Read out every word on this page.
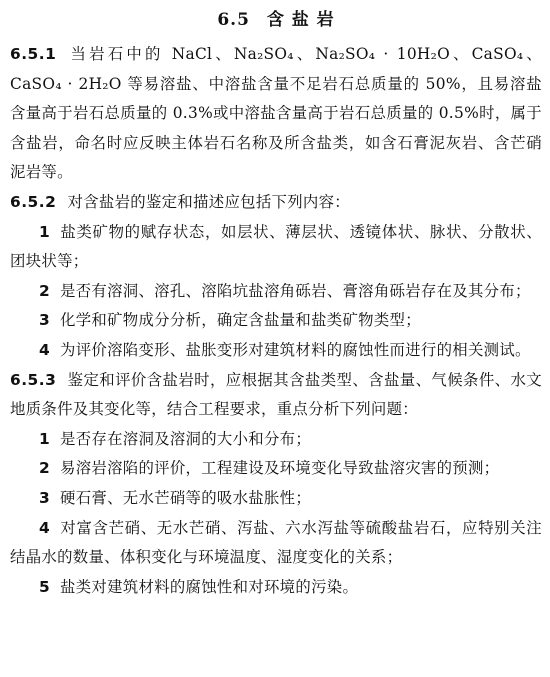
6.5 含 盐 岩

6.5.1 当岩石中的 NaCl、Na₂SO₄、Na₂SO₄ · 10H₂O、CaSO₄、CaSO₄ · 2H₂O 等易溶盐、中溶盐含量不足岩石总质量的 50%，且易溶盐含量高于岩石总质量的 0.3%或中溶盐含量高于岩石总质量的 0.5%时，属于含盐岩，命名时应反映主体岩石名称及所含盐类，如含石膏泥灰岩、含芒硝泥岩等。

6.5.2 对含盐岩的鉴定和描述应包括下列内容：

1 盐类矿物的赋存状态，如层状、薄层状、透镜体状、脉状、分散状、团块状等；

2 是否有溶洞、溶孔、溶陷坑盐溶角砾岩、膏溶角砾岩存在及其分布；

3 化学和矿物成分分析，确定含盐量和盐类矿物类型；

4 为评价溶陷变形、盐胀变形对建筑材料的腐蚀性而进行的相关测试。

6.5.3 鉴定和评价含盐岩时，应根据其含盐类型、含盐量、气候条件、水文地质条件及其变化等，结合工程要求，重点分析下列问题：

1 是否存在溶洞及溶洞的大小和分布；

2 易溶岩溶陷的评价，工程建设及环境变化导致盐溶灾害的预测；

3 硬石膏、无水芒硝等的吸水盐胀性；

4 对富含芒硝、无水芒硝、泻盐、六水泻盐等硫酸盐岩石，应特别关注结晶水的数量、体积变化与环境温度、湿度变化的关系；

5 盐类对建筑材料的腐蚀性和对环境的污染。
